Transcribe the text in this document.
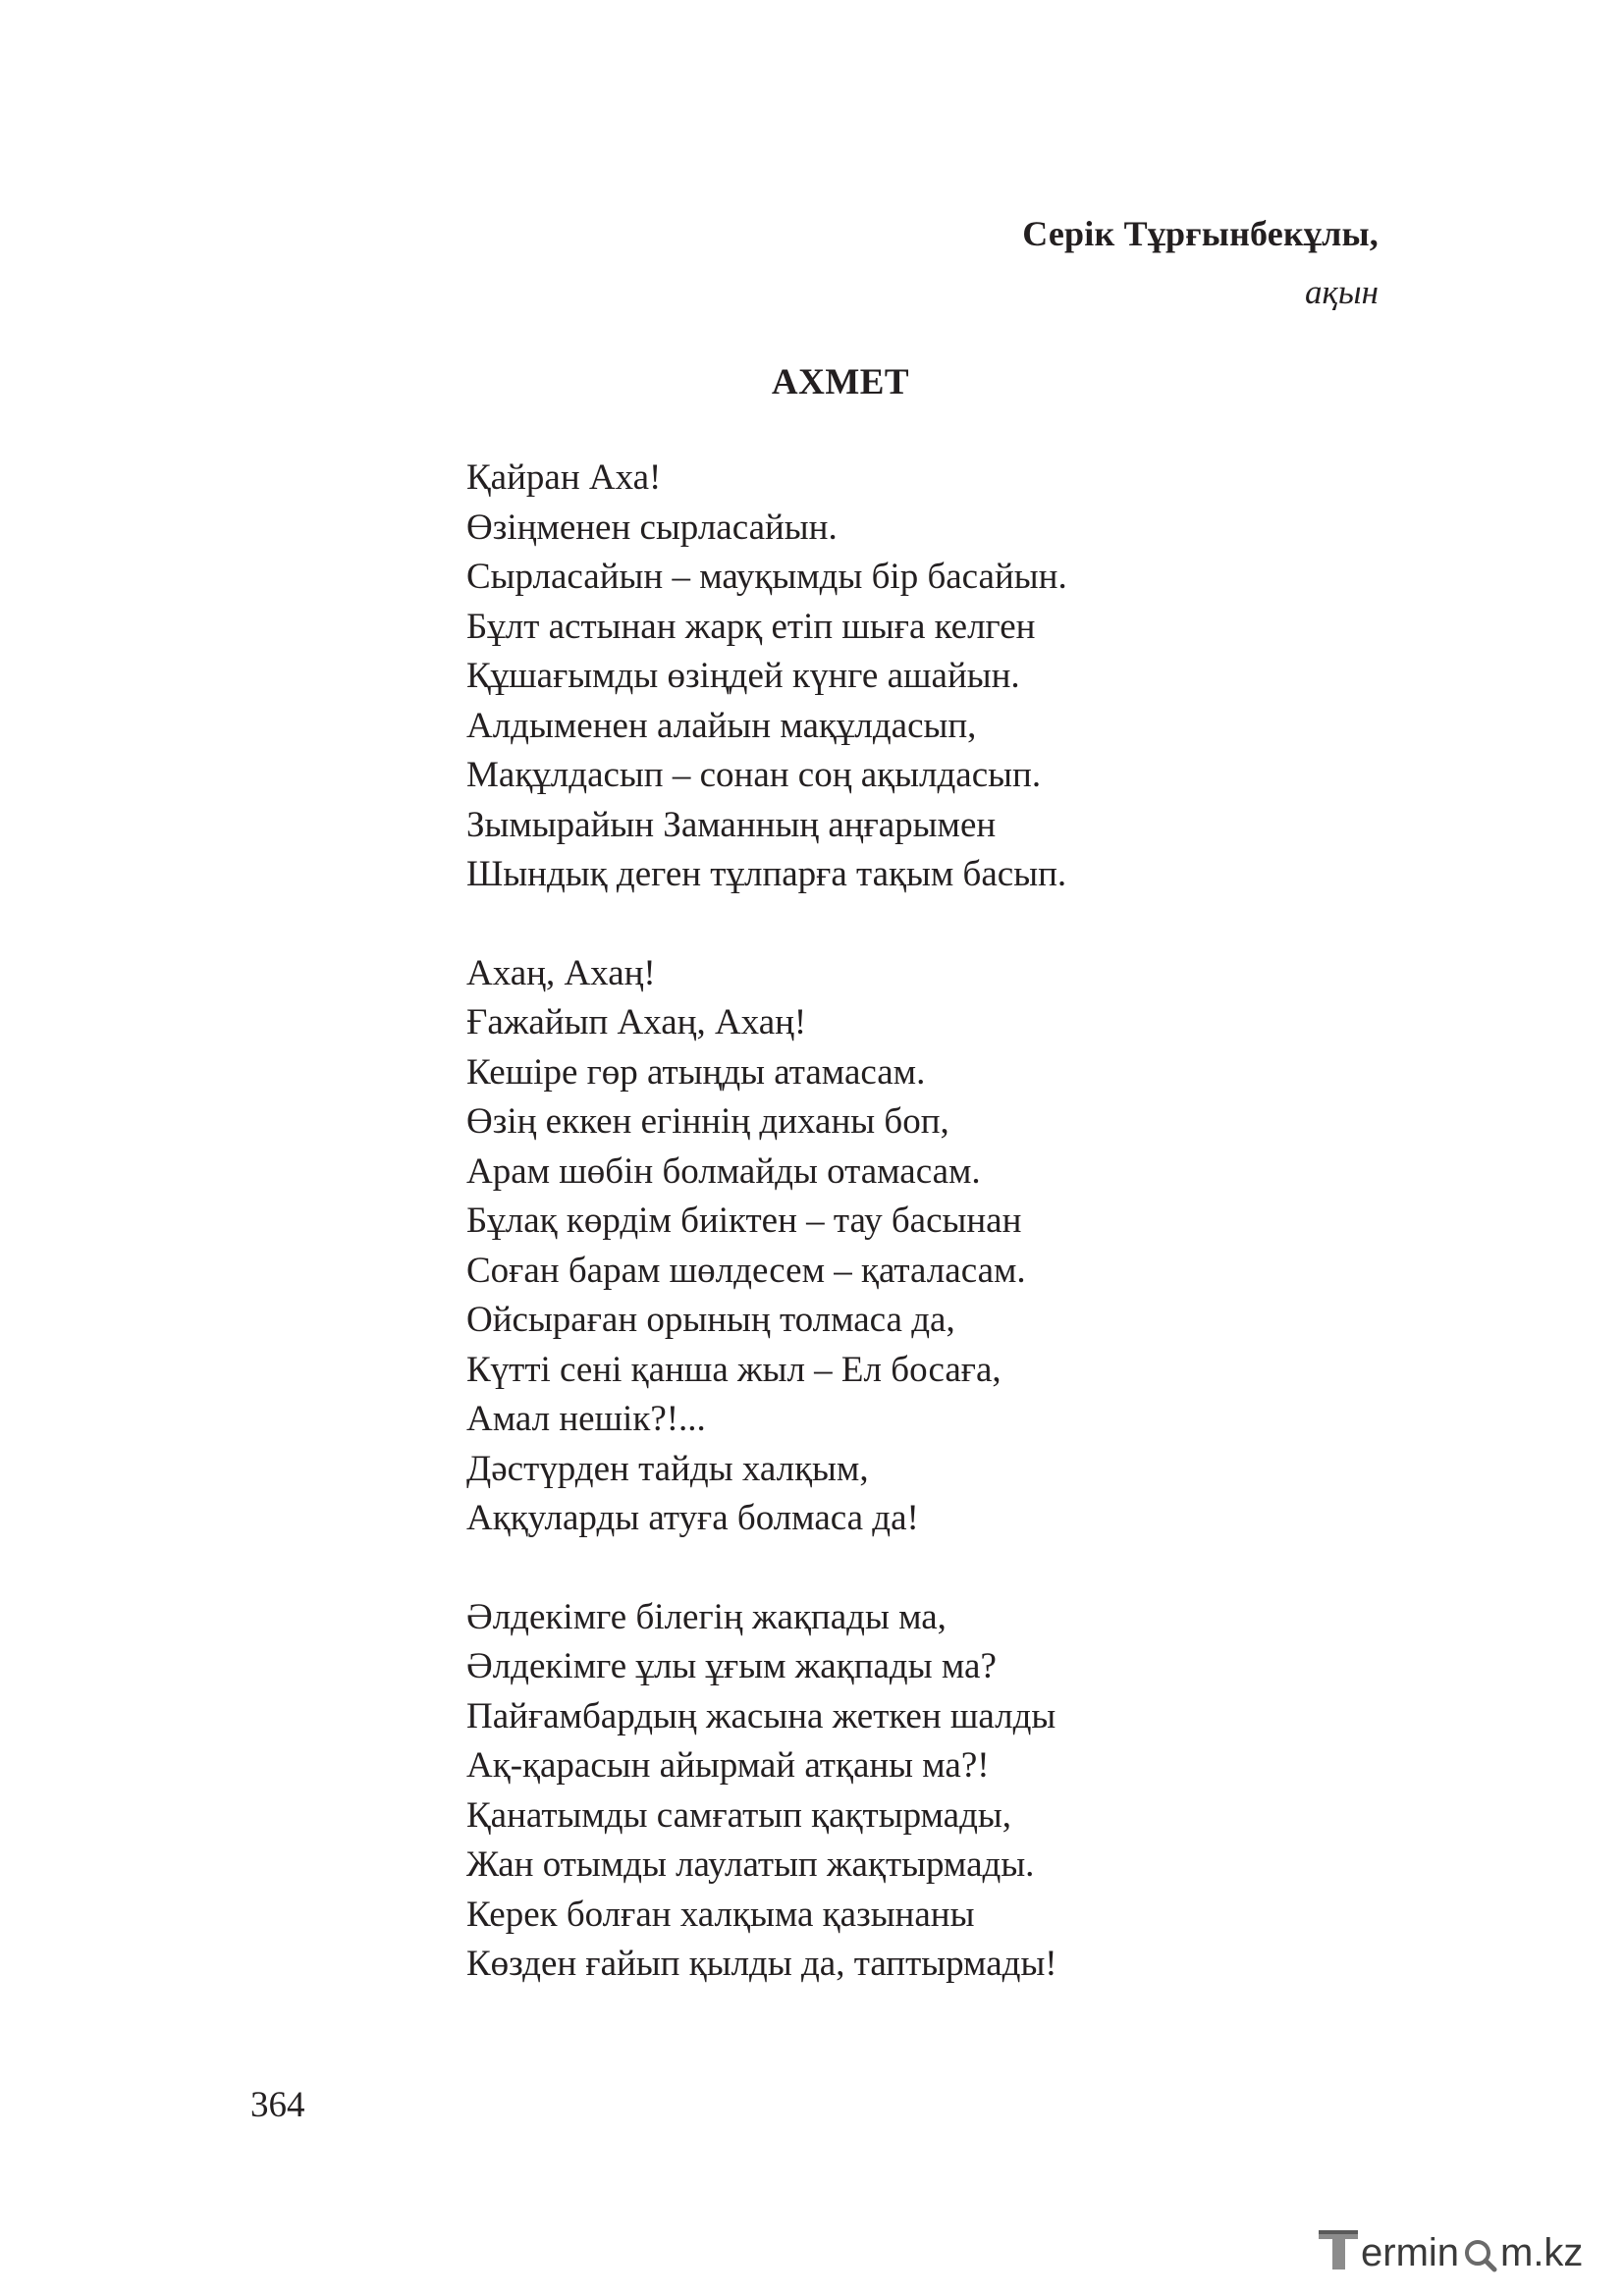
Серік Тұрғынбекұлы,
ақын
АХМЕТ
Қайран Аха!
Өзіңменен сырласайын.
Сырласайын – мауқымды бір басайын.
Бұлт астынан жарқ етіп шыға келген
Құшағымды өзіңдей күнге ашайын.
Алдыменен алайын мақұлдасып,
Мақұлдасып – сонан соң ақылдасып.
Зымырайын Заманның аңғарымен
Шындық деген тұлпарға тақым басып.
Ахаң, Ахаң!
Ғажайып Ахаң, Ахаң!
Кешіре гөр атыңды атамасам.
Өзің еккен егіннің диханы боп,
Арам шөбін болмайды отамасам.
Бұлақ көрдім биіктен – тау басынан
Соған барам шөлдесем – қаталасам.
Ойсыраған орының толмаса да,
Күтті сені қанша жыл – Ел босаға,
Амал нешік?!...
Дәстүрден тайды халқым,
Аққуларды атуға болмаса да!
Әлдекімге білегің жақпады ма,
Әлдекімге ұлы ұғым жақпады ма?
Пайғамбардың жасына жеткен шалды
Ақ-қарасын айырмай атқаны ма?!
Қанатымды самғатып қақтырмады,
Жан отымды лаулатып жақтырмады.
Керек болған халқыма қазынаны
Көзден ғайып қылды да, таптырмады!
364
ermin m.kz
